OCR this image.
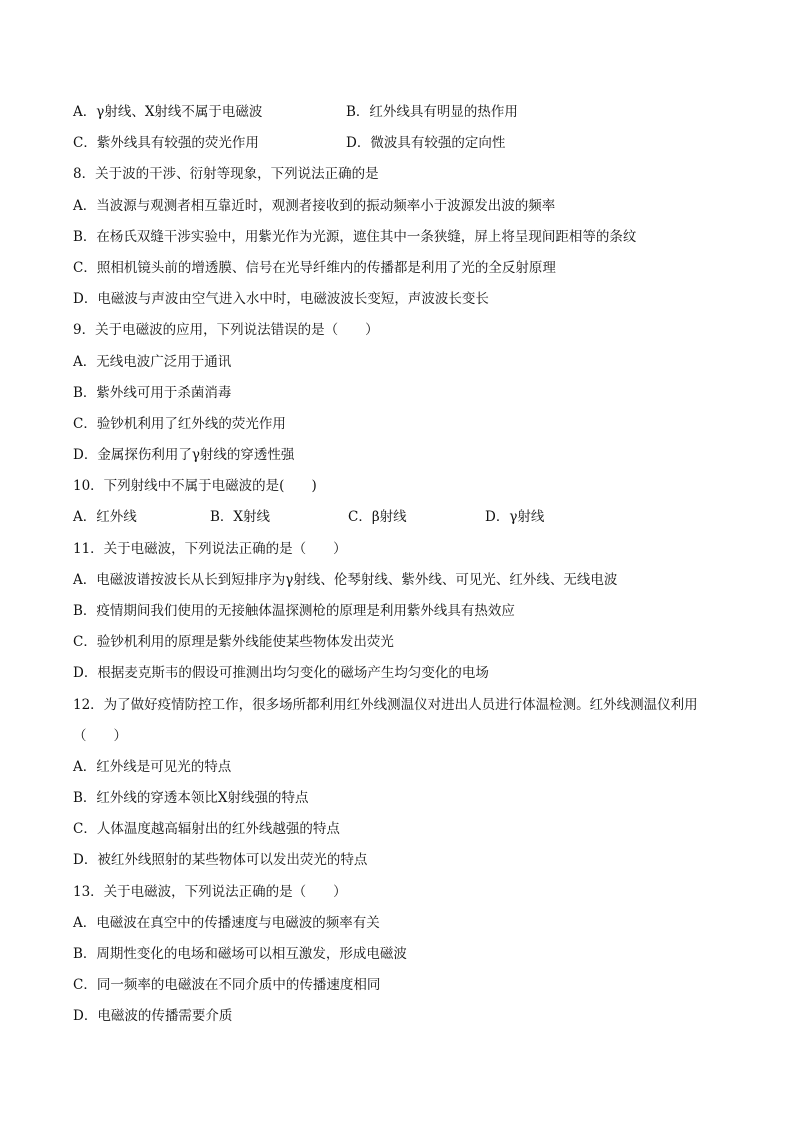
A．γ射线、X射线不属于电磁波	B．红外线具有明显的热作用
C．紫外线具有较强的荧光作用	D．微波具有较强的定向性
8．关于波的干涉、衍射等现象，下列说法正确的是
A．当波源与观测者相互靠近时，观测者接收到的振动频率小于波源发出波的频率
B．在杨氏双缝干涉实验中，用紫光作为光源，遮住其中一条狭缝，屏上将呈现间距相等的条纹
C．照相机镜头前的增透膜、信号在光导纤维内的传播都是利用了光的全反射原理
D．电磁波与声波由空气进入水中时，电磁波波长变短，声波波长变长
9．关于电磁波的应用，下列说法错误的是（　　）
A．无线电波广泛用于通讯
B．紫外线可用于杀菌消毒
C．验钞机利用了红外线的荧光作用
D．金属探伤利用了γ射线的穿透性强
10．下列射线中不属于电磁波的是(　　)
A．红外线	B．X射线	C．β射线	D．γ射线
11．关于电磁波，下列说法正确的是（　　）
A．电磁波谱按波长从长到短排序为γ射线、伦琴射线、紫外线、可见光、红外线、无线电波
B．疫情期间我们使用的无接触体温探测枪的原理是利用紫外线具有热效应
C．验钞机利用的原理是紫外线能使某些物体发出荧光
D．根据麦克斯韦的假设可推测出均匀变化的磁场产生均匀变化的电场
12．为了做好疫情防控工作，很多场所都利用红外线测温仪对进出人员进行体温检测。红外线测温仪利用
（　　）
A．红外线是可见光的特点
B．红外线的穿透本领比X射线强的特点
C．人体温度越高辐射出的红外线越强的特点
D．被红外线照射的某些物体可以发出荧光的特点
13．关于电磁波，下列说法正确的是（　　）
A．电磁波在真空中的传播速度与电磁波的频率有关
B．周期性变化的电场和磁场可以相互激发，形成电磁波
C．同一频率的电磁波在不同介质中的传播速度相同
D．电磁波的传播需要介质
